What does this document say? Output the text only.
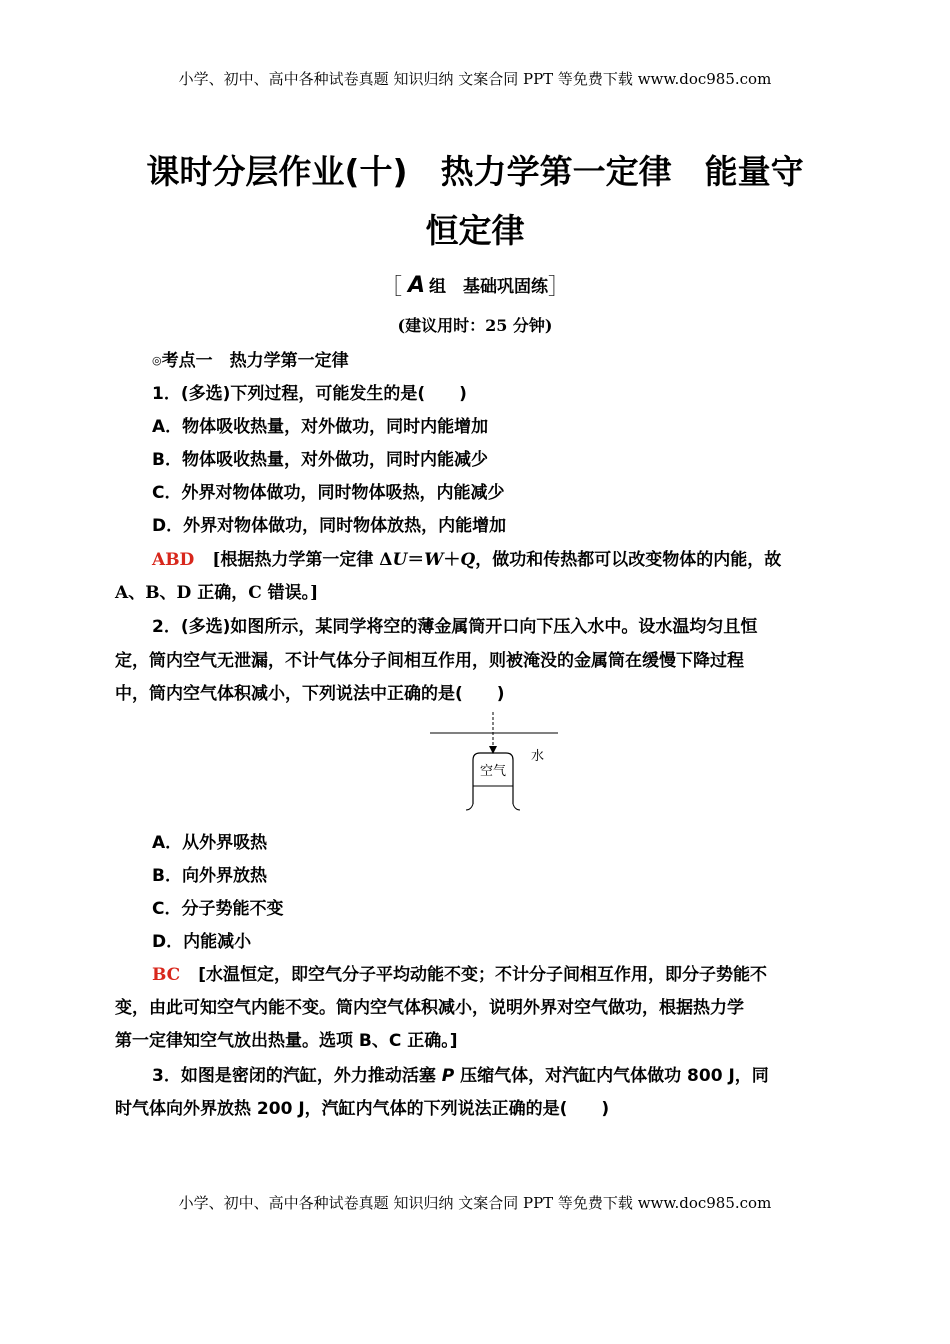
小学、初中、高中各种试卷真题 知识归纳 文案合同 PPT 等免费下载 www.doc985.com
课时分层作业(十)　热力学第一定律　能量守
恒定律
［ A 组　基础巩固练］
(建议用时：25 分钟)
◎考点一　热力学第一定律
1．(多选)下列过程，可能发生的是(　　)
A．物体吸收热量，对外做功，同时内能增加
B．物体吸收热量，对外做功，同时内能减少
C．外界对物体做功，同时物体吸热，内能减少
D．外界对物体做功，同时物体放热，内能增加
ABD [根据热力学第一定律 ΔU＝W＋Q，做功和传热都可以改变物体的内能，故
A、B、D 正确，C 错误。]
2．(多选)如图所示，某同学将空的薄金属筒开口向下压入水中。设水温均匀且恒
定，筒内空气无泄漏，不计气体分子间相互作用，则被淹没的金属筒在缓慢下降过程
中，筒内空气体积减小，下列说法中正确的是(　　)
空气
水
A．从外界吸热
B．向外界放热
C．分子势能不变
D．内能减小
BC [水温恒定，即空气分子平均动能不变；不计分子间相互作用，即分子势能不
变，由此可知空气内能不变。筒内空气体积减小，说明外界对空气做功，根据热力学
第一定律知空气放出热量。选项 B、C 正确。]
3．如图是密闭的汽缸，外力推动活塞 P 压缩气体，对汽缸内气体做功 800 J，同
时气体向外界放热 200 J，汽缸内气体的下列说法正确的是(　　)
小学、初中、高中各种试卷真题 知识归纳 文案合同 PPT 等免费下载 www.doc985.com
